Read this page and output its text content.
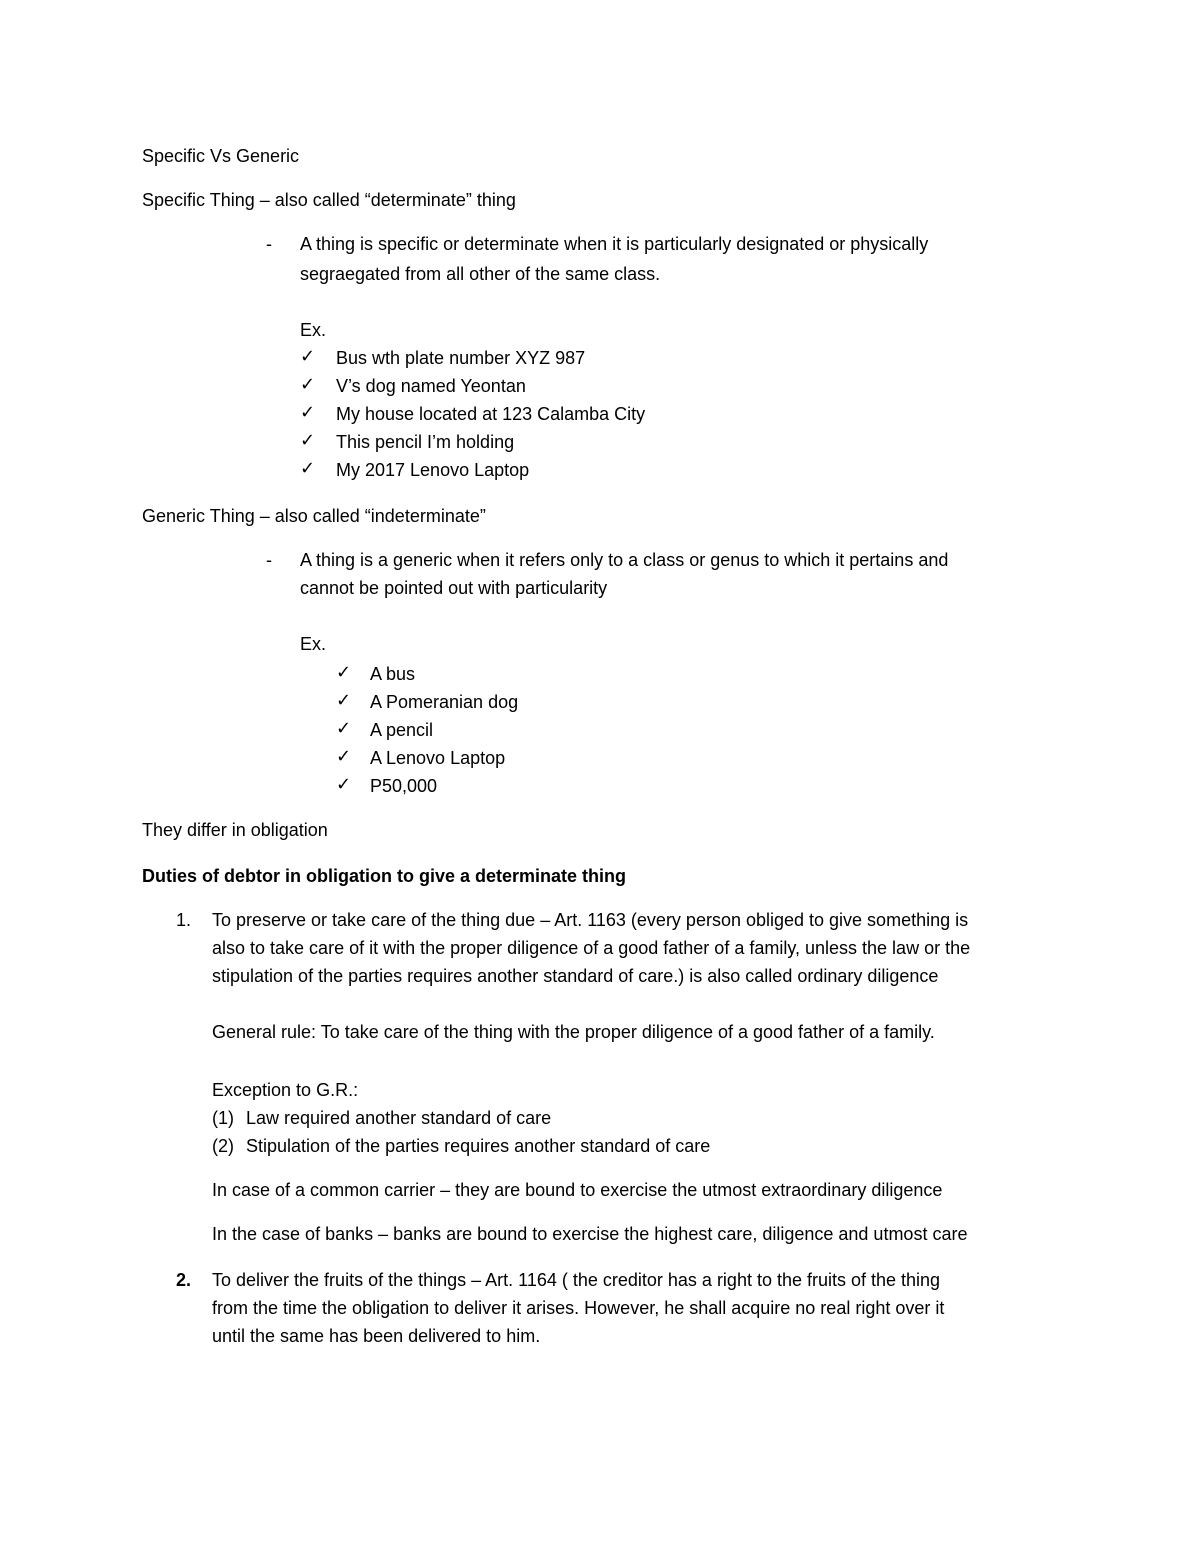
Specific Vs Generic
Specific Thing – also called “determinate” thing
- A thing is specific or determinate when it is particularly designated or physically
segraegated from all other of the same class.
Ex.
✓ Bus wth plate number XYZ 987
✓ V’s dog named Yeontan
✓ My house located at 123 Calamba City
✓ This pencil I’m holding
✓ My 2017 Lenovo Laptop
Generic Thing – also called “indeterminate”
- A thing is a generic when it refers only to a class or genus to which it pertains and
cannot be pointed out with particularity
Ex.
✓ A bus
✓ A Pomeranian dog
✓ A pencil
✓ A Lenovo Laptop
✓ P50,000
They differ in obligation
Duties of debtor in obligation to give a determinate thing
1. To preserve or take care of the thing due – Art. 1163 (every person obliged to give something is
also to take care of it with the proper diligence of a good father of a family, unless the law or the
stipulation of the parties requires another standard of care.) is also called ordinary diligence
General rule: To take care of the thing with the proper diligence of a good father of a family.
Exception to G.R.:
(1) Law required another standard of care
(2) Stipulation of the parties requires another standard of care
In case of a common carrier – they are bound to exercise the utmost extraordinary diligence
In the case of banks – banks are bound to exercise the highest care, diligence and utmost care
2. To deliver the fruits of the things – Art. 1164 ( the creditor has a right to the fruits of the thing
from the time the obligation to deliver it arises. However, he shall acquire no real right over it
until the same has been delivered to him.
